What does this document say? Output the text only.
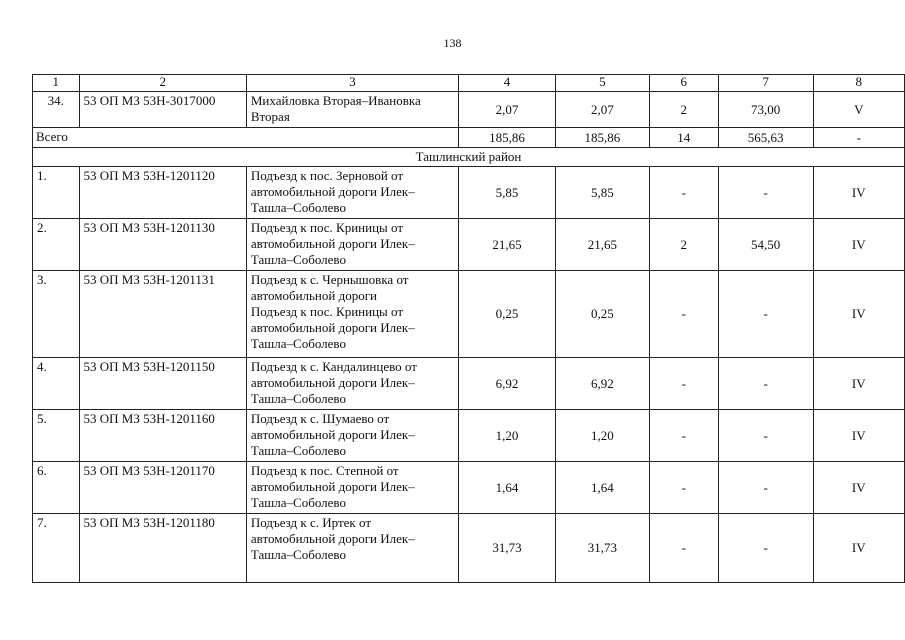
138
1	2	3	4	5	6	7	8
34.	53 ОП МЗ 53Н-3017000	Михайловка Вторая–Ивановка
Вторая	2,07	2,07	2	73,00	V
Всего			185,86	185,86	14	565,63	-
Ташлинский район							
1.	53 ОП МЗ 53Н-1201120	Подъезд к пос. Зерновой от
автомобильной дороги Илек–
Ташла–Соболево	5,85	5,85	-	-	IV
2.	53 ОП МЗ 53Н-1201130	Подъезд к пос. Криницы от
автомобильной дороги Илек–
Ташла–Соболево	21,65	21,65	2	54,50	IV
3.	53 ОП МЗ 53Н-1201131	Подъезд к с. Чернышовка от
автомобильной дороги
Подъезд к пос. Криницы от
автомобильной дороги Илек–
Ташла–Соболево	0,25	0,25	-	-	IV
4.	53 ОП МЗ 53Н-1201150	Подъезд к с. Кандалинцево от
автомобильной дороги Илек–
Ташла–Соболево	6,92	6,92	-	-	IV
5.	53 ОП МЗ 53Н-1201160	Подъезд к с. Шумаево от
автомобильной дороги Илек–
Ташла–Соболево	1,20	1,20	-	-	IV
6.	53 ОП МЗ 53Н-1201170	Подъезд к пос. Степной от
автомобильной дороги Илек–
Ташла–Соболево	1,64	1,64	-	-	IV
7.	53 ОП МЗ 53Н-1201180	Подъезд к с. Иртек от
автомобильной дороги Илек–
Ташла–Соболево	31,73	31,73	-	-	IV
